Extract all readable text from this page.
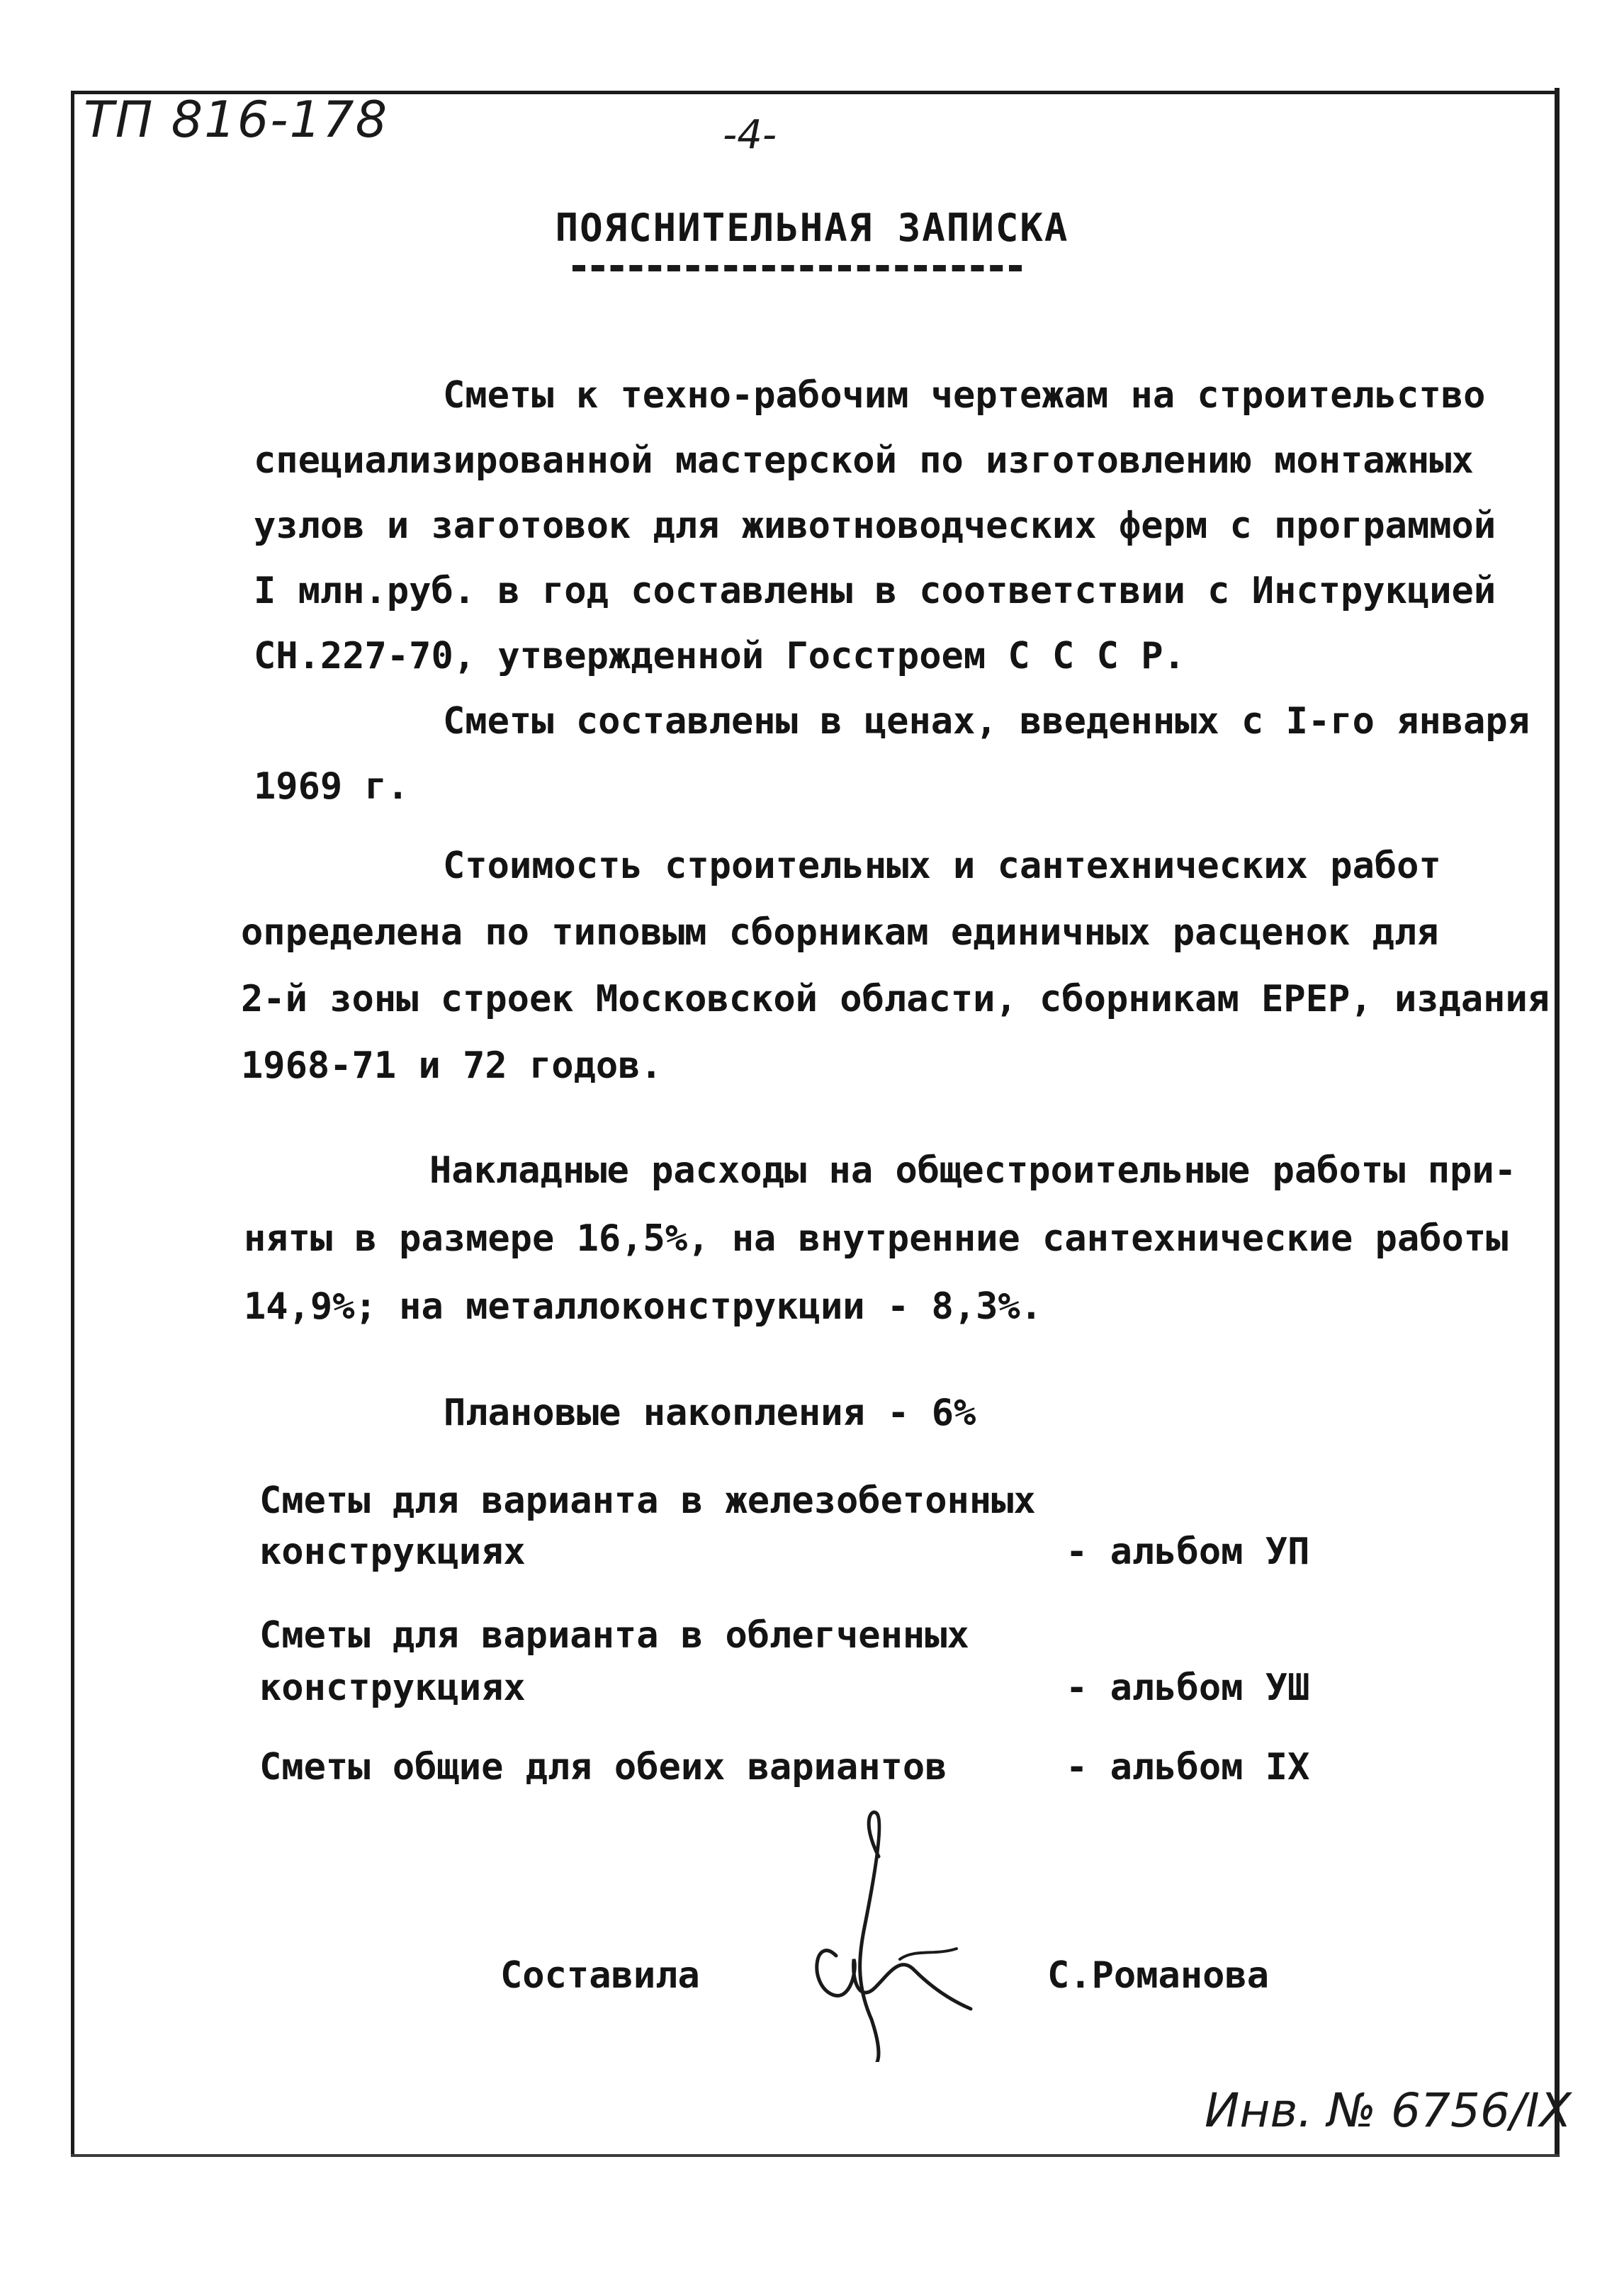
ТП 816-178	-4-
ПОЯСНИТЕЛЬНАЯ ЗАПИСКА
Сметы к техно-рабочим чертежам на строительство
специализированной мастерской по изготовлению монтажных
узлов и заготовок для животноводческих ферм с программой
I млн.руб. в год составлены в соответствии с Инструкцией
СН.227-70, утвержденной Госстроем С С С Р.
Сметы составлены в ценах, введенных с I-го января
1969 г.
Стоимость строительных и сантехнических работ
определена по типовым сборникам единичных расценок для
2-й зоны строек Московской области, сборникам ЕРЕР, издания
1968-71 и 72 годов.
Накладные расходы на общестроительные работы при-
няты в размере 16,5%, на внутренние сантехнические работы
14,9%; на металлоконструкции - 8,3%.
Плановые накопления - 6%
Сметы для варианта в железобетонных
конструкциях	- альбом УП
Сметы для варианта в облегченных
конструкциях	- альбом УШ
Сметы общие для обеих вариантов	- альбом IX
Составила	С.Романова
Инв. № 6756/IX
